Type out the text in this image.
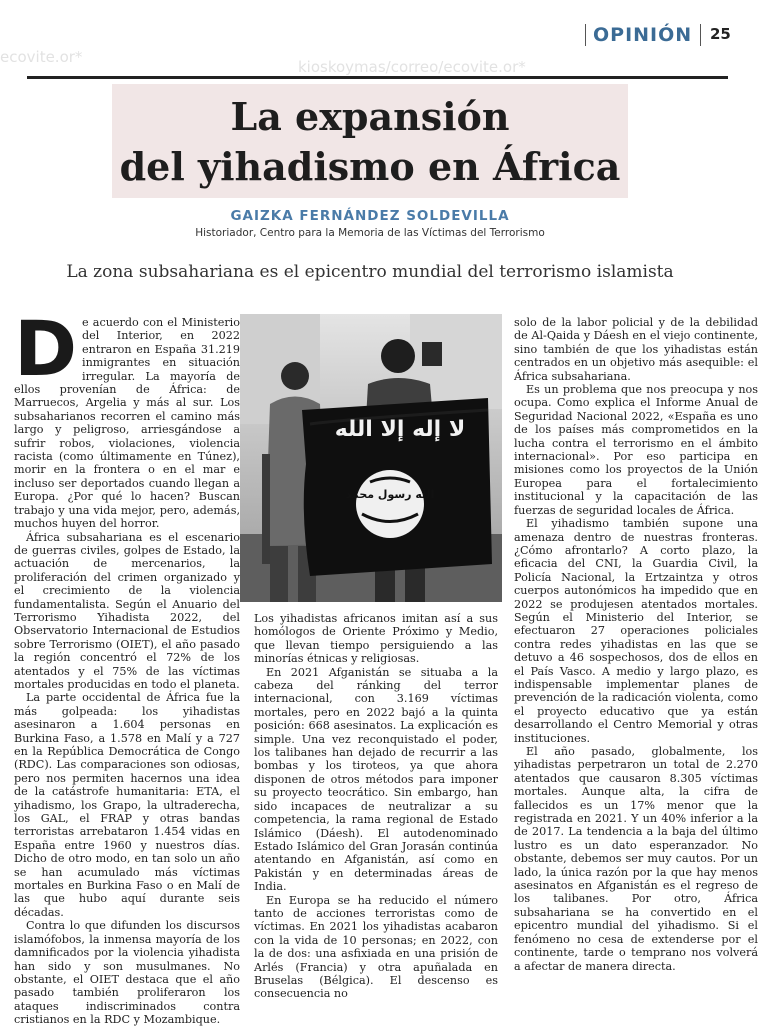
OPINIÓN 25
ecovite.or*
kioskoymas/correo/ecovite.or*
La expansión
del yihadismo en África
GAIZKA FERNÁNDEZ SOLDEVILLA
Historiador, Centro para la Memoria de las Víctimas del Terrorismo
La zona subsahariana es el epicentro mundial del terrorismo islamista
D e acuerdo con el Ministerio del Interior, en 2022 entraron en España 31.219 inmigrantes en situación irregular. La mayoría de ellos provenían de África: de Marruecos, Argelia y más al sur. Los subsaharianos recorren el camino más largo y peligroso, arriesgándose a sufrir robos, violaciones, violencia racista (como últimamente en Túnez), morir en la frontera o en el mar e incluso ser deportados cuando llegan a Europa. ¿Por qué lo hacen? Buscan trabajo y una vida mejor, pero, además, muchos huyen del horror.

África subsahariana es el escenario de guerras civiles, golpes de Estado, la actuación de mercenarios, la proliferación del crimen organizado y el crecimiento de la violencia fundamentalista. Según el Anuario del Terrorismo Yihadista 2022, del Observatorio Internacional de Estudios sobre Terrorismo (OIET), el año pasado la región concentró el 72% de los atentados y el 75% de las víctimas mortales producidas en todo el planeta.

La parte occidental de África fue la más golpeada: los yihadistas asesinaron a 1.604 personas en Burkina Faso, a 1.578 en Malí y a 727 en la República Democrática de Congo (RDC). Las comparaciones son odiosas, pero nos permiten hacernos una idea de la catástrofe humanitaria: ETA, el yihadismo, los Grapo, la ultraderecha, los GAL, el FRAP y otras bandas terroristas arrebataron 1.454 vidas en España entre 1960 y nuestros días. Dicho de otro modo, en tan solo un año se han acumulado más víctimas mortales en Burkina Faso o en Malí de las que hubo aquí durante seis décadas.

Contra lo que difunden los discursos islamófobos, la inmensa mayoría de los damnificados por la violencia yihadista han sido y son musulmanes. No obstante, el OIET destaca que el año pasado también proliferaron los ataques indiscriminados contra cristianos en la RDC y Mozambique.

لا إله إلا الله
الله رسول محمد

Los yihadistas africanos imitan así a sus homólogos de Oriente Próximo y Medio, que llevan tiempo persiguiendo a las minorías étnicas y religiosas.

En 2021 Afganistán se situaba a la cabeza del ránking del terror internacional, con 3.169 víctimas mortales, pero en 2022 bajó a la quinta posición: 668 asesinatos. La explicación es simple. Una vez reconquistado el poder, los talibanes han dejado de recurrir a las bombas y los tiroteos, ya que ahora disponen de otros métodos para imponer su proyecto teocrático. Sin embargo, han sido incapaces de neutralizar a su competencia, la rama regional de Estado Islámico (Dáesh). El autodenominado Estado Islámico del Gran Jorasán continúa atentando en Afganistán, así como en Pakistán y en determinadas áreas de India.

En Europa se ha reducido el número tanto de acciones terroristas como de víctimas. En 2021 los yihadistas acabaron con la vida de 10 personas; en 2022, con la de dos: una asfixiada en una prisión de Arlés (Francia) y otra apuñalada en Bruselas (Bélgica). El descenso es consecuencia no

solo de la labor policial y de la debilidad de Al-Qaida y Dáesh en el viejo continente, sino también de que los yihadistas están centrados en un objetivo más asequible: el África subsahariana.

Es un problema que nos preocupa y nos ocupa. Como explica el Informe Anual de Seguridad Nacional 2022, «España es uno de los países más comprometidos en la lucha contra el terrorismo en el ámbito internacional». Por eso participa en misiones como los proyectos de la Unión Europea para el fortalecimiento institucional y la capacitación de las fuerzas de seguridad locales de África.

El yihadismo también supone una amenaza dentro de nuestras fronteras. ¿Cómo afrontarlo? A corto plazo, la eficacia del CNI, la Guardia Civil, la Policía Nacional, la Ertzaintza y otros cuerpos autonómicos ha impedido que en 2022 se produjesen atentados mortales. Según el Ministerio del Interior, se efectuaron 27 operaciones policiales contra redes yihadistas en las que se detuvo a 46 sospechosos, dos de ellos en el País Vasco. A medio y largo plazo, es indispensable implementar planes de prevención de la radicación violenta, como el proyecto educativo que ya están desarrollando el Centro Memorial y otras instituciones.

El año pasado, globalmente, los yihadistas perpetraron un total de 2.270 atentados que causaron 8.305 víctimas mortales. Aunque alta, la cifra de fallecidos es un 17% menor que la registrada en 2021. Y un 40% inferior a la de 2017. La tendencia a la baja del último lustro es un dato esperanzador. No obstante, debemos ser muy cautos. Por un lado, la única razón por la que hay menos asesinatos en Afganistán es el regreso de los talibanes. Por otro, África subsahariana se ha convertido en el epicentro mundial del yihadismo. Si el fenómeno no cesa de extenderse por el continente, tarde o temprano nos volverá a afectar de manera directa.
